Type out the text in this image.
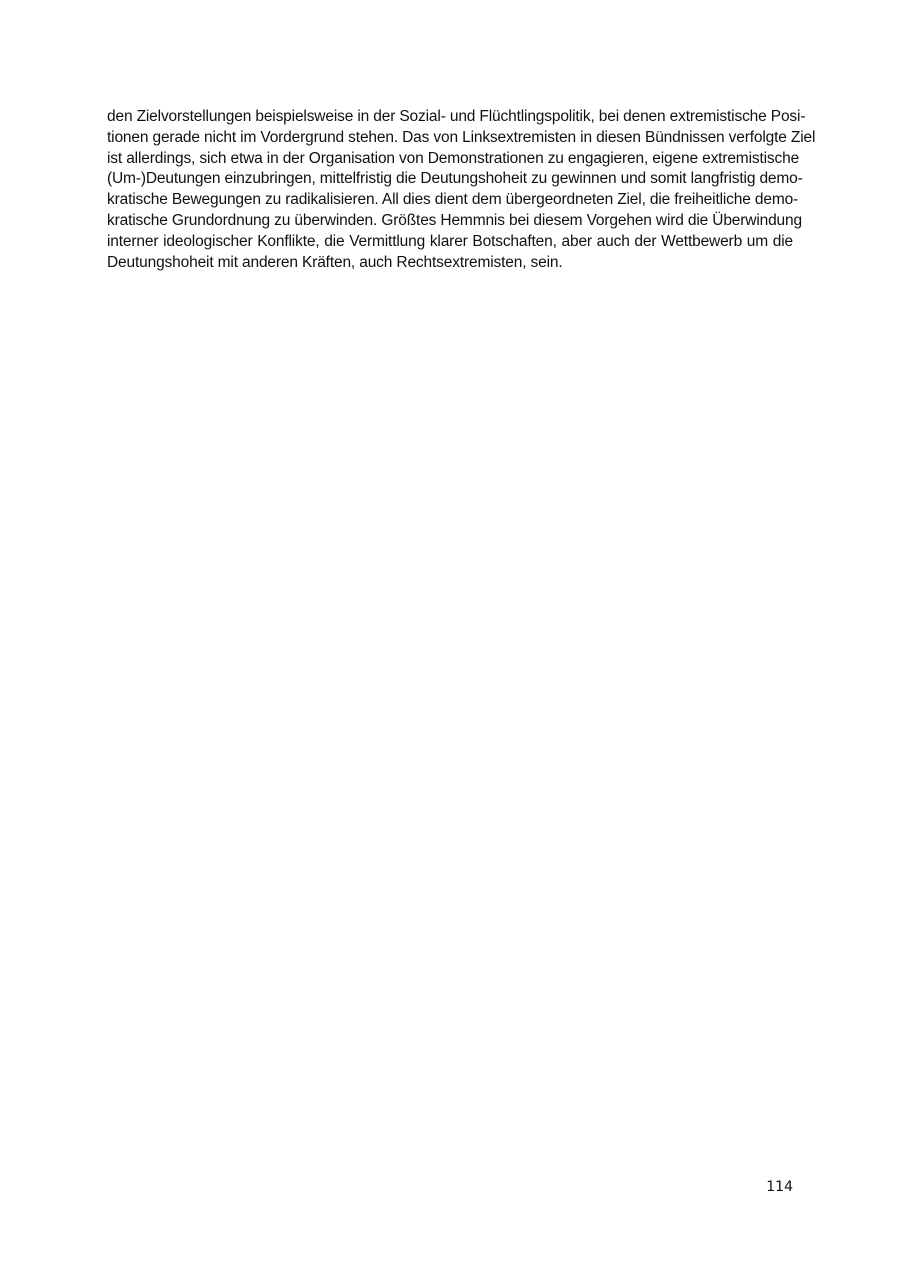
den Zielvorstellungen beispielsweise in der Sozial- und Flüchtlingspolitik, bei denen extremistische Posi-
tionen gerade nicht im Vordergrund stehen. Das von Linksextremisten in diesen Bündnissen verfolgte Ziel
ist allerdings, sich etwa in der Organisation von Demonstrationen zu engagieren, eigene extremistische
(Um-)Deutungen einzubringen, mittelfristig die Deutungshoheit zu gewinnen und somit langfristig demo-
kratische Bewegungen zu radikalisieren. All dies dient dem übergeordneten Ziel, die freiheitliche demo-
kratische Grundordnung zu überwinden. Größtes Hemmnis bei diesem Vorgehen wird die Überwindung
interner ideologischer Konflikte, die Vermittlung klarer Botschaften, aber auch der Wettbewerb um die
Deutungshoheit mit anderen Kräften, auch Rechtsextremisten, sein.
114
